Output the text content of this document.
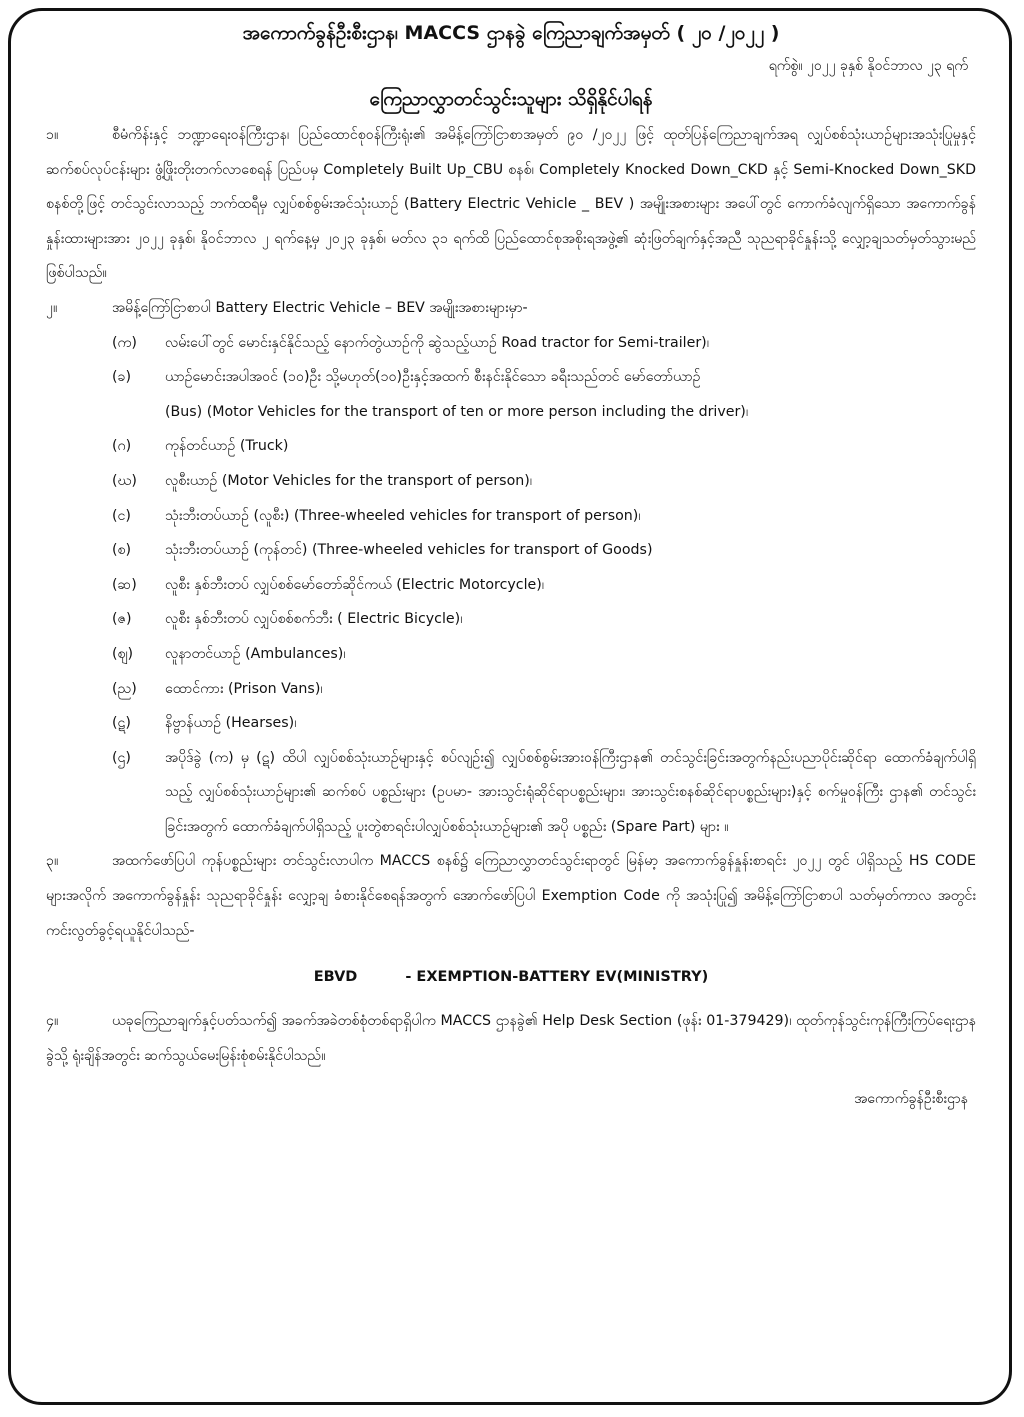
အကောက်ခွန်ဦးစီးဌာန၊ MACCS ဌာနခွဲ ကြေညာချက်အမှတ် ( ၂၀ /၂၀၂၂ )
ရက်စွဲ။ ၂၀၂၂ ခုနှစ် နိုဝင်ဘာလ ၂၃ ရက်
ကြေညာလွှာတင်သွင်းသူများ သိရှိနိုင်ပါရန်
၁။	စီမံကိန်းနှင့် ဘဏ္ဍာရေးဝန်ကြီးဌာန၊ ပြည်ထောင်စုဝန်ကြီးရုံး၏ အမိန့်ကြော်ငြာစာအမှတ် ၉၀ /၂၀၂၂ ဖြင့် ထုတ်ပြန်ကြေညာချက်အရ လျှပ်စစ်သုံးယာဉ်များအသုံးပြုမှုနှင့် ဆက်စပ်လုပ်ငန်းများ ဖွံ့ဖြိုးတိုးတက်လာစေရန် ပြည်ပမှ Completely Built Up_CBU စနစ်၊ Completely Knocked Down_CKD နှင့် Semi-Knocked Down_SKD စနစ်တို့ဖြင့် တင်သွင်းလာသည့် ဘက်ထရီမှ လျှပ်စစ်စွမ်းအင်သုံးယာဉ် (Battery Electric Vehicle _ BEV ) အမျိုးအစားများ အပေါ်တွင် ကောက်ခံလျက်ရှိသော အကောက်ခွန်နှုန်းထားများအား ၂၀၂၂ ခုနှစ်၊ နိုဝင်ဘာလ ၂ ရက်နေ့မှ ၂၀၂၃ ခုနှစ်၊ မတ်လ ၃၁ ရက်ထိ ပြည်ထောင်စုအစိုးရအဖွဲ့၏ ဆုံးဖြတ်ချက်နှင့်အညီ သုညရာခိုင်နှုန်းသို့ လျှော့ချသတ်မှတ်သွားမည် ဖြစ်ပါသည်။
၂။	အမိန့်ကြော်ငြာစာပါ Battery Electric Vehicle – BEV အမျိုးအစားများမှာ-
(က)	လမ်းပေါ်တွင် မောင်းနှင်နိုင်သည့် နောက်တွဲယာဉ်ကို ဆွဲသည့်ယာဉ် Road tractor for Semi-trailer)၊
(ခ)	ယာဉ်မောင်းအပါအဝင် (၁၀)ဦး သို့မဟုတ်(၁၀)ဦးနှင့်အထက် စီးနင်းနိုင်သော ခရီးသည်တင် မော်တော်ယာဉ်
(Bus) (Motor Vehicles for the transport of ten or more person including the driver)၊
(ဂ)	ကုန်တင်ယာဉ် (Truck)
(ဃ)	လူစီးယာဉ် (Motor Vehicles for the transport of person)၊
(င)	သုံးဘီးတပ်ယာဉ် (လူစီး) (Three-wheeled vehicles for transport of person)၊
(စ)	သုံးဘီးတပ်ယာဉ် (ကုန်တင်) (Three-wheeled vehicles for transport of Goods)
(ဆ)	လူစီး နှစ်ဘီးတပ် လျှပ်စစ်မော်တော်ဆိုင်ကယ် (Electric Motorcycle)၊
(ဇ)	လူစီး နှစ်ဘီးတပ် လျှပ်စစ်စက်ဘီး ( Electric Bicycle)၊
(ဈ)	လူနာတင်ယာဉ် (Ambulances)၊
(ည)	ထောင်ကား (Prison Vans)၊
(ဋ)	နိဗ္ဗာန်ယာဉ် (Hearses)၊
(ဌ)	အပိုဒ်ခွဲ (က) မှ (ဋ) ထိပါ လျှပ်စစ်သုံးယာဉ်များနှင့် စပ်လျဉ်း၍ လျှပ်စစ်စွမ်းအားဝန်ကြီးဌာန၏ တင်သွင်းခြင်းအတွက်နည်းပညာပိုင်းဆိုင်ရာ ထောက်ခံချက်ပါရှိသည့် လျှပ်စစ်သုံးယာဉ်များ၏ ဆက်စပ် ပစ္စည်းများ (ဥပမာ- အားသွင်းရုံဆိုင်ရာပစ္စည်းများ၊ အားသွင်းစနစ်ဆိုင်ရာပစ္စည်းများ)နှင့် စက်မှုဝန်ကြီး ဌာန၏ တင်သွင်းခြင်းအတွက် ထောက်ခံချက်ပါရှိသည့် ပူးတွဲစာရင်းပါလျှပ်စစ်သုံးယာဉ်များ၏ အပို ပစ္စည်း (Spare Part) များ ။
၃။	အထက်ဖော်ပြပါ ကုန်ပစ္စည်းများ တင်သွင်းလာပါက MACCS စနစ်၌ ကြေညာလွှာတင်သွင်းရာတွင် မြန်မာ့ အကောက်ခွန်နှုန်းစာရင်း ၂၀၂၂ တွင် ပါရှိသည့် HS CODE များအလိုက် အကောက်ခွန်နှုန်း သုညရာခိုင်နှုန်း လျှော့ချ ခံစားနိုင်စေရန်အတွက် အောက်ဖော်ပြပါ Exemption Code ကို အသုံးပြု၍ အမိန့်ကြော်ငြာစာပါ သတ်မှတ်ကာလ အတွင်း ကင်းလွတ်ခွင့်ရယူနိုင်ပါသည်-
EBVD	- EXEMPTION-BATTERY EV(MINISTRY)
၄။	ယခုကြေညာချက်နှင့်ပတ်သက်၍ အခက်အခဲတစ်စုံတစ်ရာရှိပါက MACCS ဌာနခွဲ၏ Help Desk Section (ဖုန်း 01-379429)၊ ထုတ်ကုန်သွင်းကုန်ကြီးကြပ်ရေးဌာနခွဲသို့ ရုံးချိန်အတွင်း ဆက်သွယ်မေးမြန်းစုံစမ်းနိုင်ပါသည်။
အကောက်ခွန်ဦးစီးဌာန
